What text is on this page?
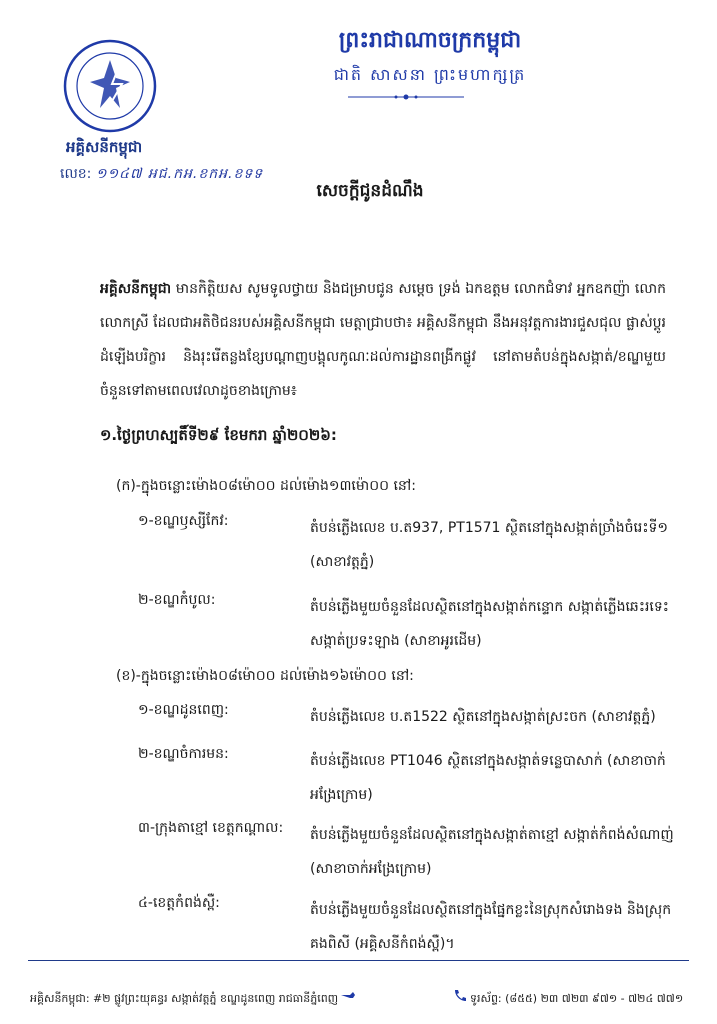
អគ្គិសនីកម្ពុជា
លេខ: ១១៤៧ អជ.កអ.ខកអ.ខទទ
ព្រះរាជាណាចក្រកម្ពុជា
ជាតិ សាសនា ព្រះមហាក្សត្រ
សេចក្ដីជូនដំណឹង
អគ្គិសនីកម្ពុជា មានកិត្តិយស សូមទូលថ្វាយ និងជម្រាបជូន សម្ដេច ទ្រង់ ឯកឧត្តម លោកជំទាវ អ្នកឧកញ៉ា លោក លោកស្រី ដែលជាអតិថិជនរបស់អគ្គិសនីកម្ពុជា មេត្តាជ្រាបថា៖ អគ្គិសនីកម្ពុជា នឹងអនុវត្តការងារជួសជុល ផ្លាស់ប្ដូរដំឡើងបរិក្ខារ និងរុះរើតន្លងខ្សែបណ្ដាញបង្គុលកូណៈដល់ការដ្ឋានពង្រីកផ្លូវ នៅតាមតំបន់ក្នុងសង្កាត់/ខណ្ឌមួយចំនួនទៅតាមពេលវេលាដូចខាងក្រោម៖
១.ថ្ងៃព្រហស្បតិ៍ទី២៩ ខែមករា ឆ្នាំ២០២៦:
(ក)-ក្នុងចន្លោះម៉ោង០៨ម៉ោ០០ ដល់ម៉ោង១៣ម៉ោ០០ នៅ:
១-ខណ្ឌឫស្សីកែវ:	តំបន់ភ្លើងលេខ ប.ត937, PT1571 ស្ថិតនៅក្នុងសង្កាត់ច្រាំងចំរេះទី១ (សាខាវត្តភ្នំ)
២-ខណ្ឌកំបូល:	តំបន់ភ្លើងមួយចំនួនដែលស្ថិតនៅក្នុងសង្កាត់កន្ទោក សង្កាត់ភ្លើងឆេះរទេះ សង្កាត់ប្រទះឡាង (សាខាអូរដើម)
(ខ)-ក្នុងចន្លោះម៉ោង០៨ម៉ោ០០ ដល់ម៉ោង១៦ម៉ោ០០ នៅ:
១-ខណ្ឌដូនពេញ:	តំបន់ភ្លើងលេខ ប.ត1522 ស្ថិតនៅក្នុងសង្កាត់ស្រះចក (សាខាវត្តភ្នំ)
២-ខណ្ឌចំការមន:	តំបន់ភ្លើងលេខ PT1046 ស្ថិតនៅក្នុងសង្កាត់ទន្លេបាសាក់ (សាខាចាក់អង្រែក្រោម)
៣-ក្រុងតាខ្មៅ ខេត្តកណ្ដាល:	តំបន់ភ្លើងមួយចំនួនដែលស្ថិតនៅក្នុងសង្កាត់តាខ្មៅ សង្កាត់កំពង់សំណាញ់ (សាខាចាក់អង្រែក្រោម)
៤-ខេត្តកំពង់ស្ពឺ:	តំបន់ភ្លើងមួយចំនួនដែលស្ថិតនៅក្នុងផ្នែកខ្លះនៃស្រុកសំរោងទង និងស្រុកគងពិសី (អគ្គិសនីកំពង់ស្ពឺ)។
អគ្គិសនីកម្ពុជា: #២ ផ្លូវព្រះយុគន្ធរ សង្កាត់វត្តភ្នំ ខណ្ឌដូនពេញ រាជធានីភ្នំពេញ	ទូរស័ព្ទ: (៨៥៥) ២៣ ៧២៣ ៩៧១ - ៧២៤ ៧៧១
